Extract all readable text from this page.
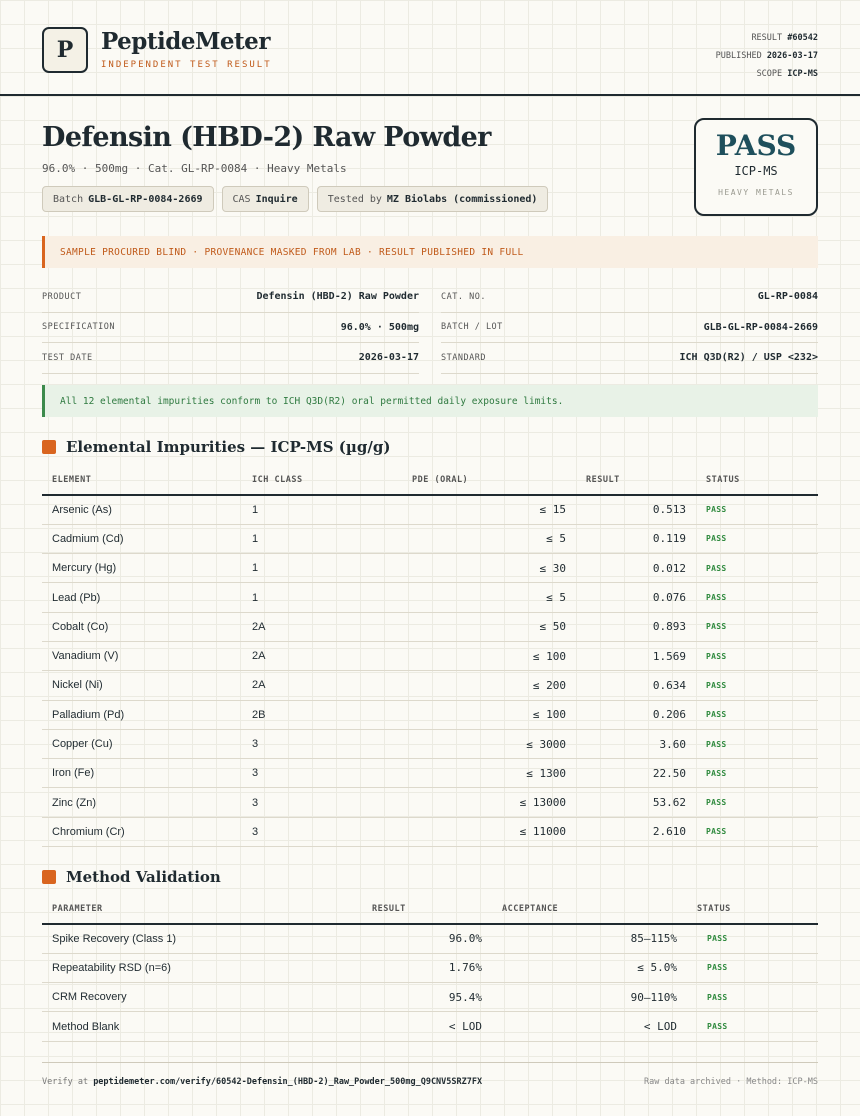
P	PeptideMeter
INDEPENDENT TEST RESULT
RESULT #60542
PUBLISHED 2026-03-17
SCOPE ICP-MS
Defensin (HBD-2) Raw Powder
96.0% · 500mg · Cat. GL-RP-0084 · Heavy Metals
Batch GLB-GL-RP-0084-2669	CAS Inquire	Tested by MZ Biolabs (commissioned)
PASS
ICP-MS
HEAVY METALS
SAMPLE PROCURED BLIND · PROVENANCE MASKED FROM LAB · RESULT PUBLISHED IN FULL
PRODUCT	Defensin (HBD-2) Raw Powder
SPECIFICATION	96.0% · 500mg
TEST DATE	2026-03-17
CAT. NO.	GL-RP-0084
BATCH / LOT	GLB-GL-RP-0084-2669
STANDARD	ICH Q3D(R2) / USP <232>
All 12 elemental impurities conform to ICH Q3D(R2) oral permitted daily exposure limits.
Elemental Impurities — ICP-MS (µg/g)
ELEMENT	ICH CLASS	PDE (ORAL)	RESULT	STATUS
Arsenic (As)	1	≤ 15	0.513	PASS
Cadmium (Cd)	1	≤ 5	0.119	PASS
Mercury (Hg)	1	≤ 30	0.012	PASS
Lead (Pb)	1	≤ 5	0.076	PASS
Cobalt (Co)	2A	≤ 50	0.893	PASS
Vanadium (V)	2A	≤ 100	1.569	PASS
Nickel (Ni)	2A	≤ 200	0.634	PASS
Palladium (Pd)	2B	≤ 100	0.206	PASS
Copper (Cu)	3	≤ 3000	3.60	PASS
Iron (Fe)	3	≤ 1300	22.50	PASS
Zinc (Zn)	3	≤ 13000	53.62	PASS
Chromium (Cr)	3	≤ 11000	2.610	PASS
Method Validation
PARAMETER	RESULT	ACCEPTANCE	STATUS
Spike Recovery (Class 1)	96.0%	85–115%	PASS
Repeatability RSD (n=6)	1.76%	≤ 5.0%	PASS
CRM Recovery	95.4%	90–110%	PASS
Method Blank	< LOD	< LOD	PASS
Verify at peptidemeter.com/verify/60542-Defensin_(HBD-2)_Raw_Powder_500mg_Q9CNV5SRZ7FX	Raw data archived · Method: ICP-MS
